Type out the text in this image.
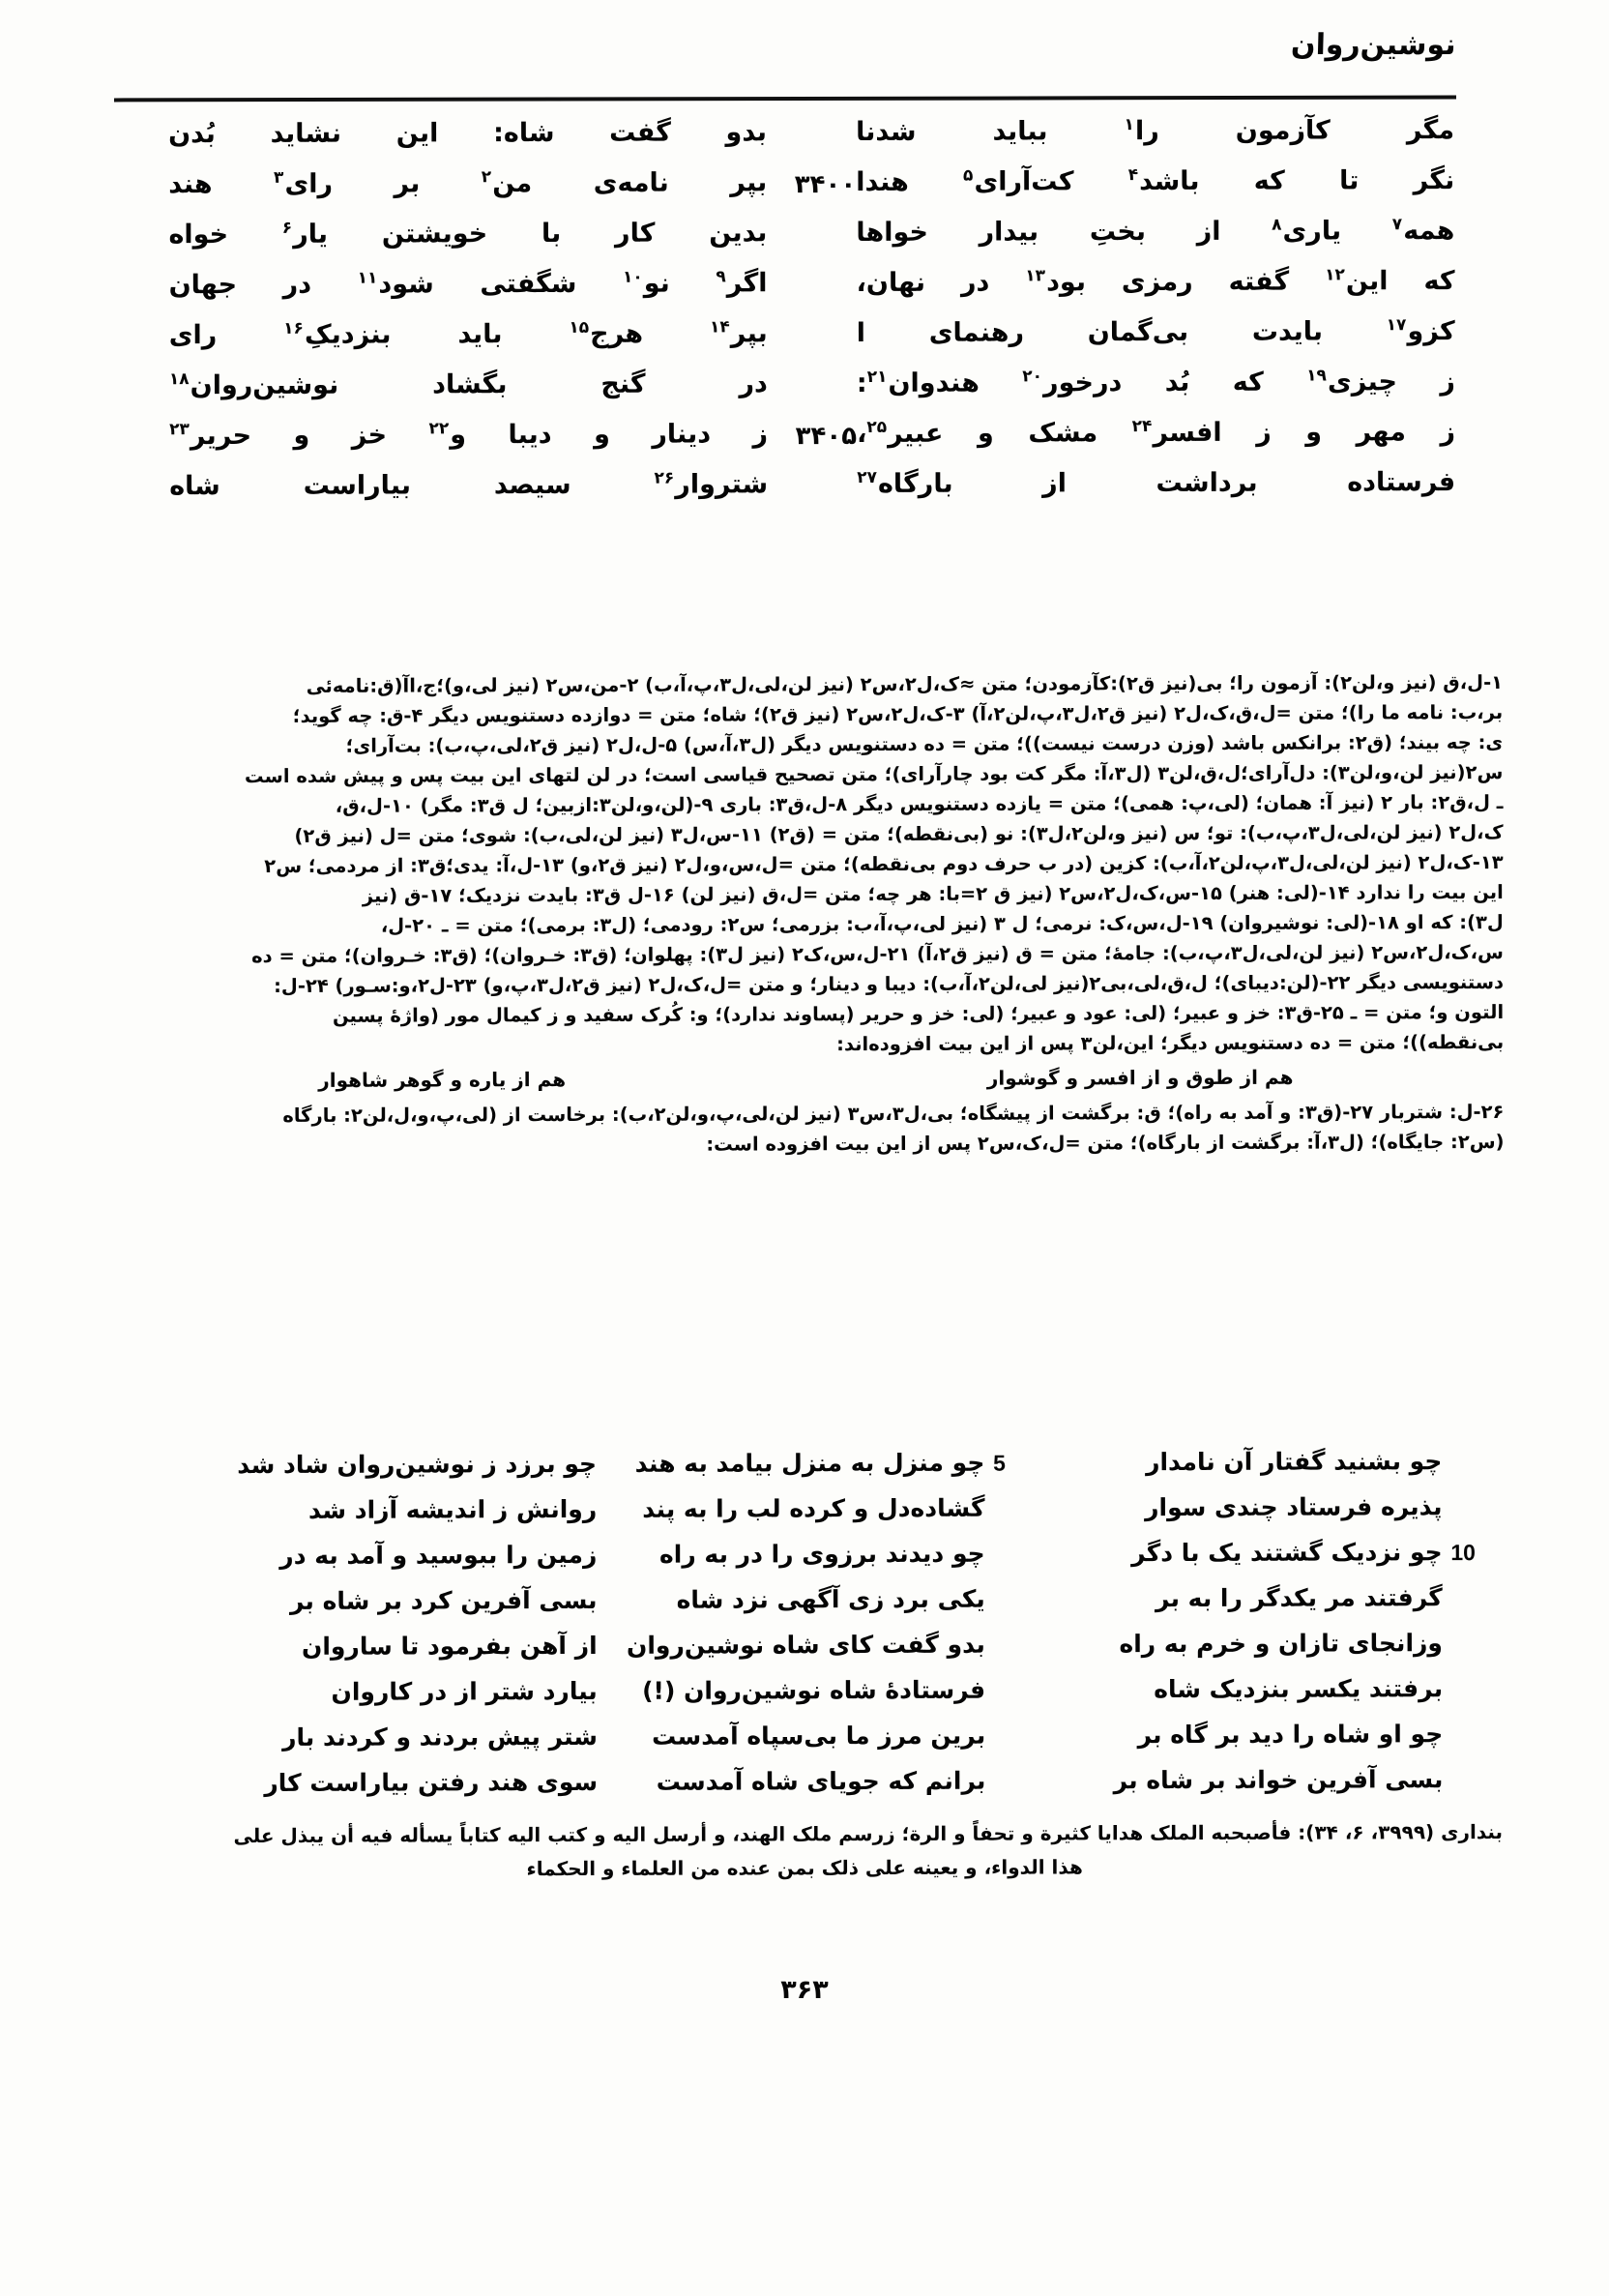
نوشین‌روان
مگر
کآزمون
را$^۱$
بباید
شدنا
بدو
گفت
شاه:
این
نشاید
بُدن
نگر
تا
که
باشد$^۴$
کت‌آرای$^۵$
هندا
۳۴۰۰
بپر
نامه‌ی
من$^۲$
بر
رای$^۳$
هند
همه$^۷$
یاری$^۸$
از
بختِ
بیدار
خواها
بدین
کار
با
خویشتن
یار$^۶$
خواه
که
این$^{۱۲}$
گفته
رمزی
بود$^{۱۳}$
در
نهان،
اگر$^۹$
نو$^{۱۰}$
شگفتی
شود$^{۱۱}$
در
جهان
کزو$^{۱۷}$
بایدت
بی‌گمان
رهنمای
ا
بپر$^{۱۴}$
هرج$^{۱۵}$
باید
بنزدیکِ$^{۱۶}$
رای
ز
چیزی$^{۱۹}$
که
بُد
درخور$^{۲۰}$
هندوان$^{۲۱}$:
در
گنج
بگشاد
نوشین‌روان$^{۱۸}$
ز
مهر
و
ز
افسر$^{۲۴}$
مشک
و
عبیر$^{۲۵}$،
۳۴۰۵
ز
دینار
و
دیبا
و$^{۲۲}$
خز
و
حریر$^{۲۳}$
فرستاده
برداشت
از
بارگاه$^{۲۷}$
شتروار$^{۲۶}$
سیصد
بیاراست
شاه

۱-ل،ق (نیز و،لن۲): آزمون را؛ بی(نیز ق۲):کآزمودن؛ متن ≈ک،ل۲،س۲ (نیز لن،لی،ل۳،پ،آ،ب) ۲-من،س۲ (نیز لی،و)؛ج،اآ(ق:نامه‌ئی

بر،ب: نامه ما را)؛ متن =ل،ق،ک،ل۲ (نیز ق۲،ل۳،پ،لن۲،آ) ۳-ک،ل۲،س۲ (نیز ق۲)؛ شاه؛ متن = دوازده دستنویس دیگر ۴-ق: چه گوید؛

ی: چه بیند؛ (ق۲: برانکس باشد (وزن درست نیست))؛ متن = ده دستنویس دیگر (ل۳،آ،س) ۵-ل،ل۲ (نیز ق۲،لی،پ،ب): بت‌آرای؛

س۲(نیز لن،و،لن۳): دل‌آرای؛ل،ق،لن۳ (ل۳،آ: مگر کت بود چارآرای)؛ متن تصحیح قیاسی است؛ در لن لتهای این بیت پس و پیش شده است

ـ ل،ق۲: بار ۲ (نیز آ: همان؛ (لی،پ: همی)؛ متن = یازده دستنویس دیگر ۸-ل،ق۳: باری ۹-(لن،و،لن۳:ازبین؛ ل ق۳: مگر) ۱۰-ل،ق،

ک،ل۲ (نیز لن،لی،ل۳،پ،ب): تو؛ س (نیز و،لن۲،ل۳): نو (بی‌نقطه)؛ متن = (ق۲) ۱۱-س،ل۳ (نیز لن،لی،ب): شوی؛ متن =ل (نیز ق۲)

۱۳-ک،ل۲ (نیز لن،لی،ل۳،پ،لن۲،آ،ب): کزین (در ب حرف دوم بی‌نقطه)؛ متن =ل،س،و،ل۲ (نیز ق۲،و) ۱۳-ل،آ: یدی؛ق۳: از مردمی؛ س۲

این بیت را ندارد ۱۴-(لی: هنر) ۱۵-س،ک،ل۲،س۲ (نیز ق ۲=با: هر چه؛ متن =ل،ق (نیز لن) ۱۶-ل ق۳: بایدت نزدیک؛ ۱۷-ق (نیز

ل۳): که او ۱۸-(لی: نوشیروان) ۱۹-ل،س،ک: نرمی؛ ل ۳ (نیز لی،پ،آ،ب: بزرمی؛ س۲: رودمی؛ (ل۳: برمی)؛ متن = ـ ۲۰-ل،

س،ک،ل۲،س۲ (نیز لن،لی،ل۳،پ،ب): جامهٔ؛ متن = ق (نیز ق۲،آ) ۲۱-ل،س،ک۲ (نیز ل۳): پهلوان؛ (ق۳: خـروان)؛ (ق۳: خـروان)؛ متن = ده

دستنویسی دیگر ۲۲-(لن:دیبای)؛ ل،ق،لی،بی۲(نیز لی،لن۲،آ،ب): دیبا و دینار؛ و متن =ل،ک،ل۲ (نیز ق۲،ل۳،پ،و) ۲۳-ل۲،و:سـور) ۲۴-ل:

التون و؛ متن = ـ ۲۵-ق۳: خز و عبیر؛ (لی: عود و عبیر؛ (لی: خز و حریر (پساوند ندارد)؛ و: کُرک سفید و ز کیمال مور (واژهٔ پسین

بی‌نقطه))؛ متن = ده دستنویس دیگر؛ این،لن۳ پس از این بیت افزوده‌اند:

هم از طوق و از افسر و گوشوار
هم از یاره و گوهر شاهوار

۲۶-ل: شتربار ۲۷-(ق۳: و آمد به راه)؛ ق: برگشت از پیشگاه؛ بی،ل۳،س۳ (نیز لن،لی،پ،و،لن۲،ب): برخاست از (لی،پ،و،ل،لن۲: بارگاه

(س۲: جایگاه)؛ (ل۳،آ: برگشت از بارگاه)؛ متن =ل،ک،س۲ پس از این بیت افزوده است:

چو بشنید گفتار آن نامدار
5 چو منزل به منزل بیامد به هند
چو برزد ز نوشین‌روان شاد شد
پذیره فرستاد چندی سوار
گشاده‌دل و کرده لب را به پند
روانش ز اندیشه آزاد شد
10 چو نزدیک گشتند یک با دگر
چو دیدند برزوی را در به راه
زمین را ببوسید و آمد به در
گرفتند مر یکدگر را به بر
یکی برد زی آگهی نزد شاه
بسی آفرین کرد بر شاه بر
وزانجای تازان و خرم به راه
بدو گفت کای شاه نوشین‌روان
از آهن بفرمود تا ساروان
برفتند یکسر بنزدیک شاه
فرستادهٔ شاه نوشین‌روان (!)
بیارد شتر از در کاروان
چو او شاه را دید بر گاه بر
برین مرز ما بی‌سپاه آمدست
شتر پیش بردند و کردند بار
بسی آفرین خواند بر شاه بر
برانم که جویای شاه آمدست
سوی هند رفتن بیاراست کار
بنداری (۳۹۹۹، ۶، ۳۴): فأصبحبه الملک هدایا کثیرة و تحفاً و الرة؛ زرسم ملک الهند، و أرسل الیه و کتب الیه کتاباً یسأله فیه أن یبذل علی
هذا الدواء، و یعینه علی ذلک بمن عنده من العلماء و الحکماء
۳۶۳
